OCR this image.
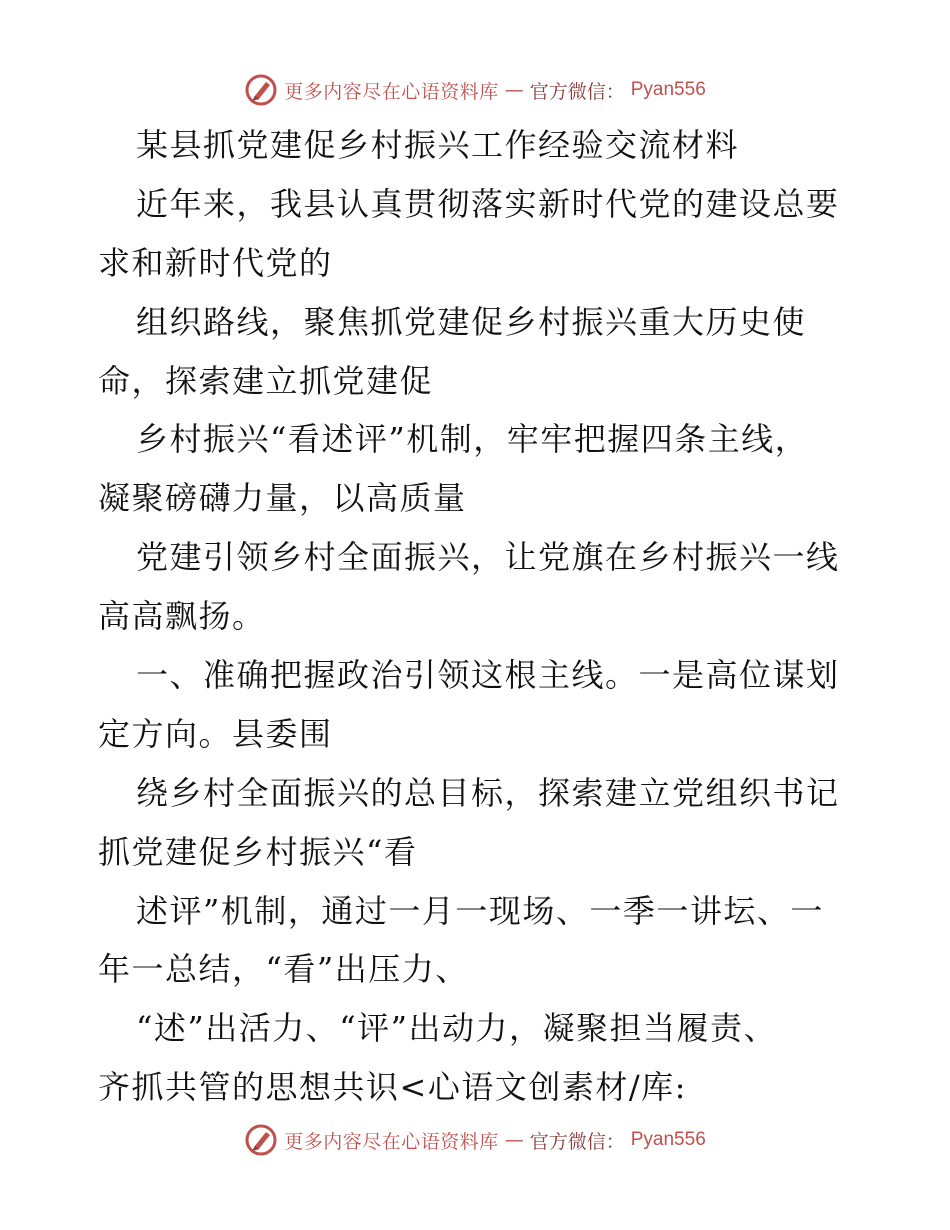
更多内容尽在心语资料库 — 官方微信： Pyan556
某县抓党建促乡村振兴工作经验交流材料
近年来，我县认真贯彻落实新时代党的建设总要
求和新时代党的
组织路线，聚焦抓党建促乡村振兴重大历史使
命，探索建立抓党建促
乡村振兴“看述评”机制，牢牢把握四条主线，
凝聚磅礴力量，以高质量
党建引领乡村全面振兴，让党旗在乡村振兴一线
高高飘扬。
一、准确把握政治引领这根主线。一是高位谋划
定方向。县委围
绕乡村全面振兴的总目标，探索建立党组织书记
抓党建促乡村振兴“看
述评”机制，通过一月一现场、一季一讲坛、一
年一总结，“看”出压力、
“述”出活力、“评”出动力，凝聚担当履责、
齐抓共管的思想共识<心语文创素材/库:
更多内容尽在心语资料库 — 官方微信： Pyan556
